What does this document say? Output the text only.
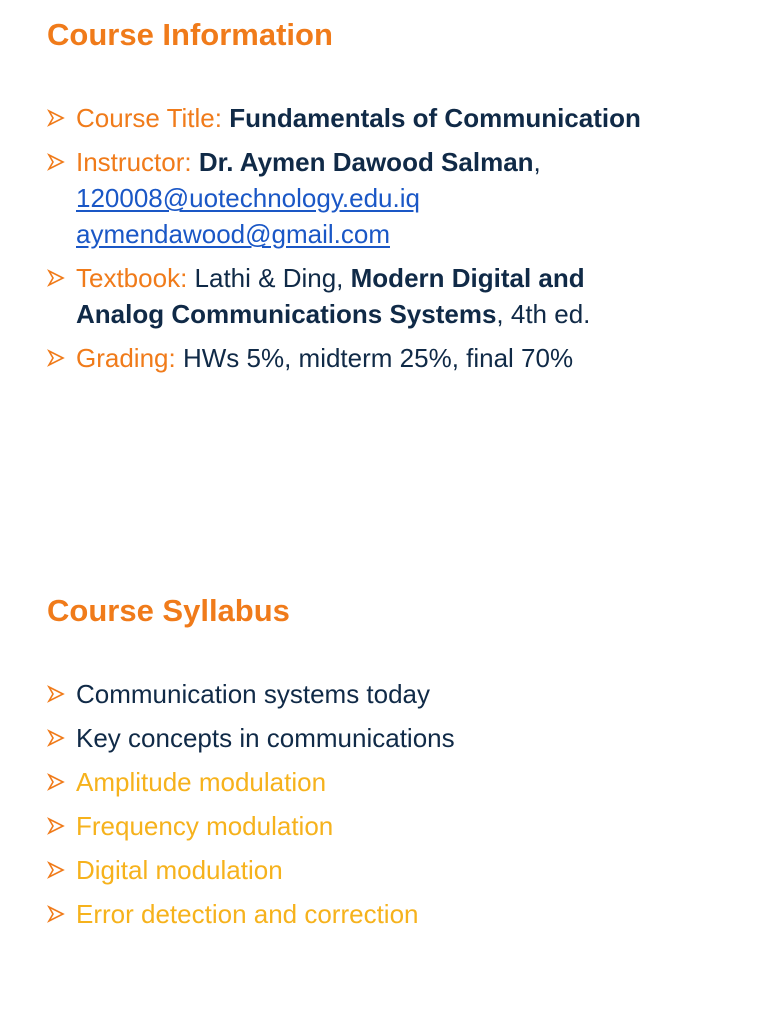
Course Information
Course Title: Fundamentals of Communication
Instructor: Dr. Aymen Dawood Salman,
120008@uotechnology.edu.iq
aymendawood@gmail.com
Textbook: Lathi & Ding, Modern Digital and
Analog Communications Systems, 4th ed.
Grading: HWs 5%, midterm 25%, final 70%
Course Syllabus
Communication systems today
Key concepts in communications
Amplitude modulation
Frequency modulation
Digital modulation
Error detection and correction
